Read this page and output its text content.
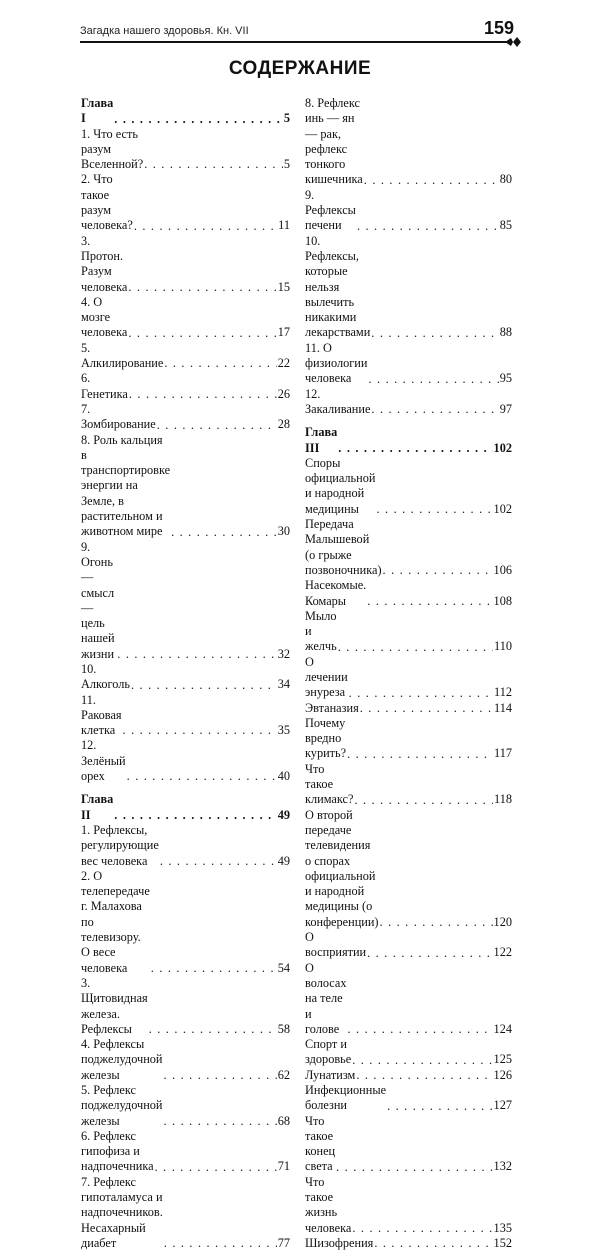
Загадка нашего здоровья. Кн. VII	159
СОДЕРЖАНИЕ
Глава I . . .	5
1. Что есть разум Вселенной? . . .	5
2. Что такое разум человека? . . .	11
3. Протон. Разум человека . . .	15
4. О мозге человека . . .	17
5. Алкилирование . . .	22
6. Генетика . . .	26
7. Зомбирование . . .	28
8. Роль кальция в транспортировке энергии на Земле, в растительном и животном мире . . .	30
9. Огонь — смысл — цель нашей жизни . . .	32
10. Алкоголь . . .	34
11. Раковая клетка . . .	35
12. Зелёный орех . . .	40
Глава II . . .	49
1. Рефлексы, регулирующие вес человека . . .	49
2. О телепередаче г. Малахова по телевизору. О весе человека . . .	54
3. Щитовидная железа. Рефлексы . . .	58
4. Рефлексы поджелудочной железы . . .	62
5. Рефлекс поджелудочной железы . . .	68
6. Рефлекс гипофиза и надпочечника . . .	71
7. Рефлекс гипоталамуса и надпочечников. Несахарный диабет . . .	77
8. Рефлекс инь — ян — рак, рефлекс тонкого кишечника . . .	80
9. Рефлексы печени . . .	85
10. Рефлексы, которые нельзя вылечить никакими лекарствами . . .	88
11. О физиологии человека . . .	95
12. Закаливание . . .	97
Глава III . . .	102
Споры официальной и народной медицины . . .	102
Передача Малышевой (о грыже позвоночника) . . .	106
Насекомые. Комары . . .	108
Мыло и желчь . . .	110
О лечении энуреза . . .	112
Эвтаназия . . .	114
Почему вредно курить? . . .	117
Что такое климакс? . . .	118
О второй передаче телевидения о спорах официальной и народной медицины (о конференции) . . .	120
О восприятии . . .	122
О волосах на теле и голове . . .	124
Спорт и здоровье . . .	125
Лунатизм . . .	126
Инфекционные болезни . . .	127
Что такое конец света . . .	132
Что такое жизнь человека . . .	135
Шизофрения . . .	152
